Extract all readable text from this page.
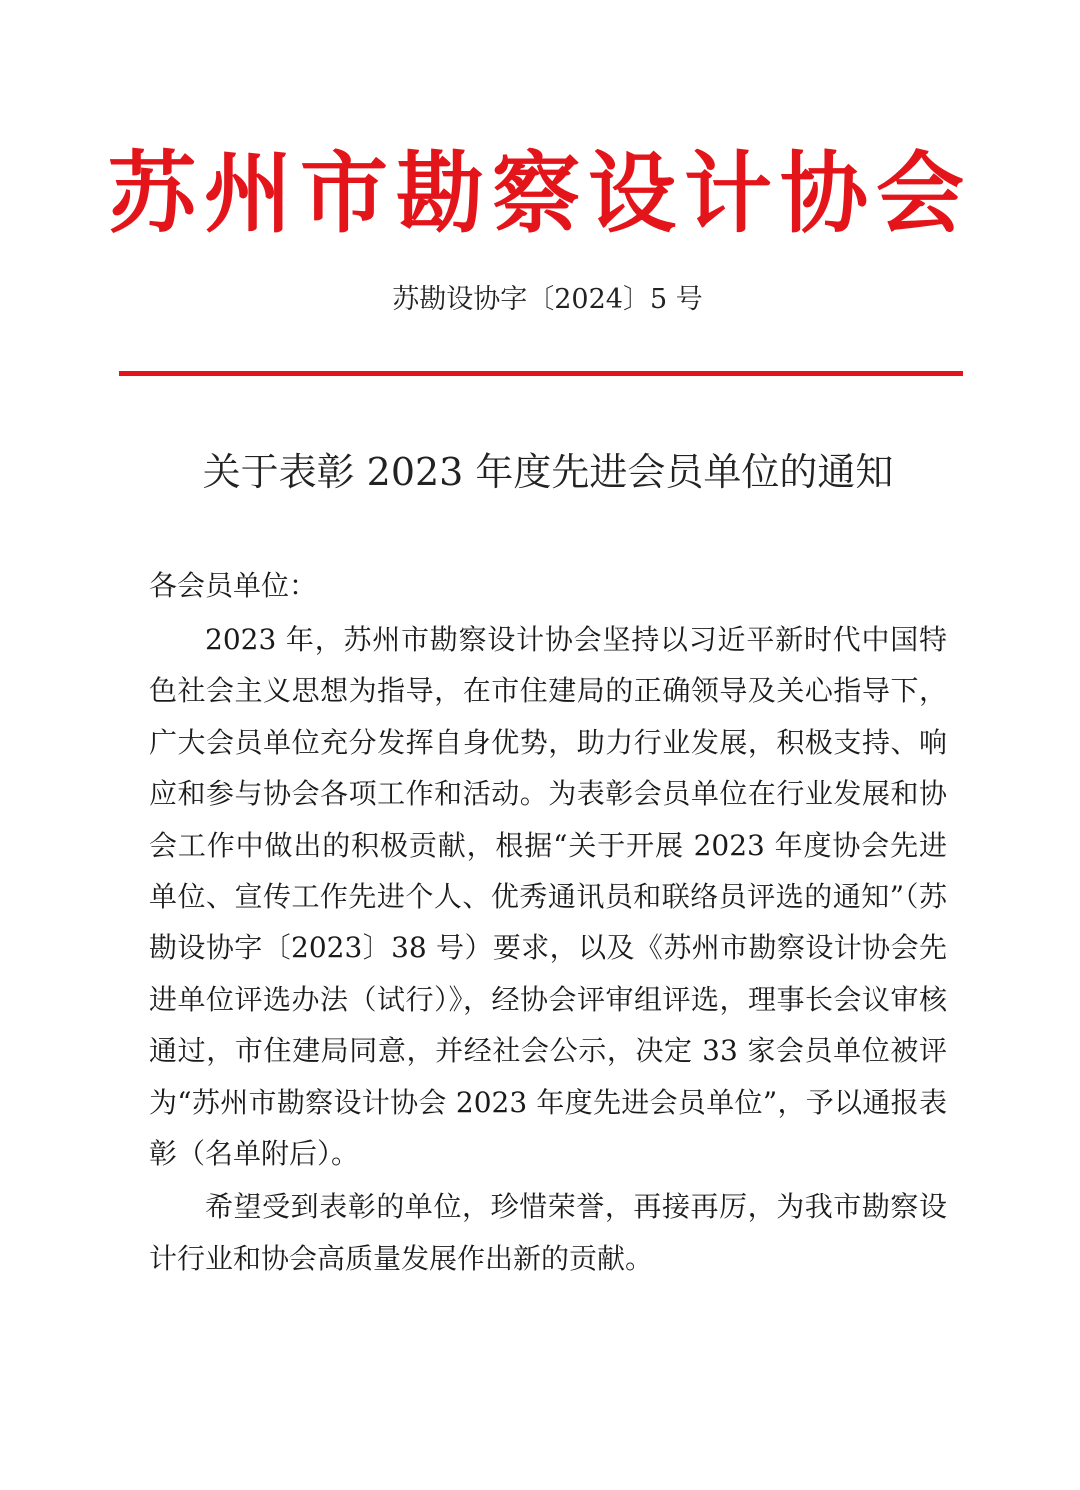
苏州市勘察设计协会
苏勘设协字〔2024〕5 号
关于表彰 2023 年度先进会员单位的通知
各会员单位：

2023 年，苏州市勘察设计协会坚持以习近平新时代中国特色社会主义思想为指导，在市住建局的正确领导及关心指导下，广大会员单位充分发挥自身优势，助力行业发展，积极支持、响应和参与协会各项工作和活动。为表彰会员单位在行业发展和协会工作中做出的积极贡献，根据“关于开展 2023 年度协会先进单位、宣传工作先进个人、优秀通讯员和联络员评选的通知”（苏勘设协字〔2023〕38 号）要求，以及《苏州市勘察设计协会先进单位评选办法（试行）》，经协会评审组评选，理事长会议审核通过，市住建局同意，并经社会公示，决定 33 家会员单位被评为“苏州市勘察设计协会 2023 年度先进会员单位”，予以通报表彰（名单附后）。

希望受到表彰的单位，珍惜荣誉，再接再厉，为我市勘察设计行业和协会高质量发展作出新的贡献。
